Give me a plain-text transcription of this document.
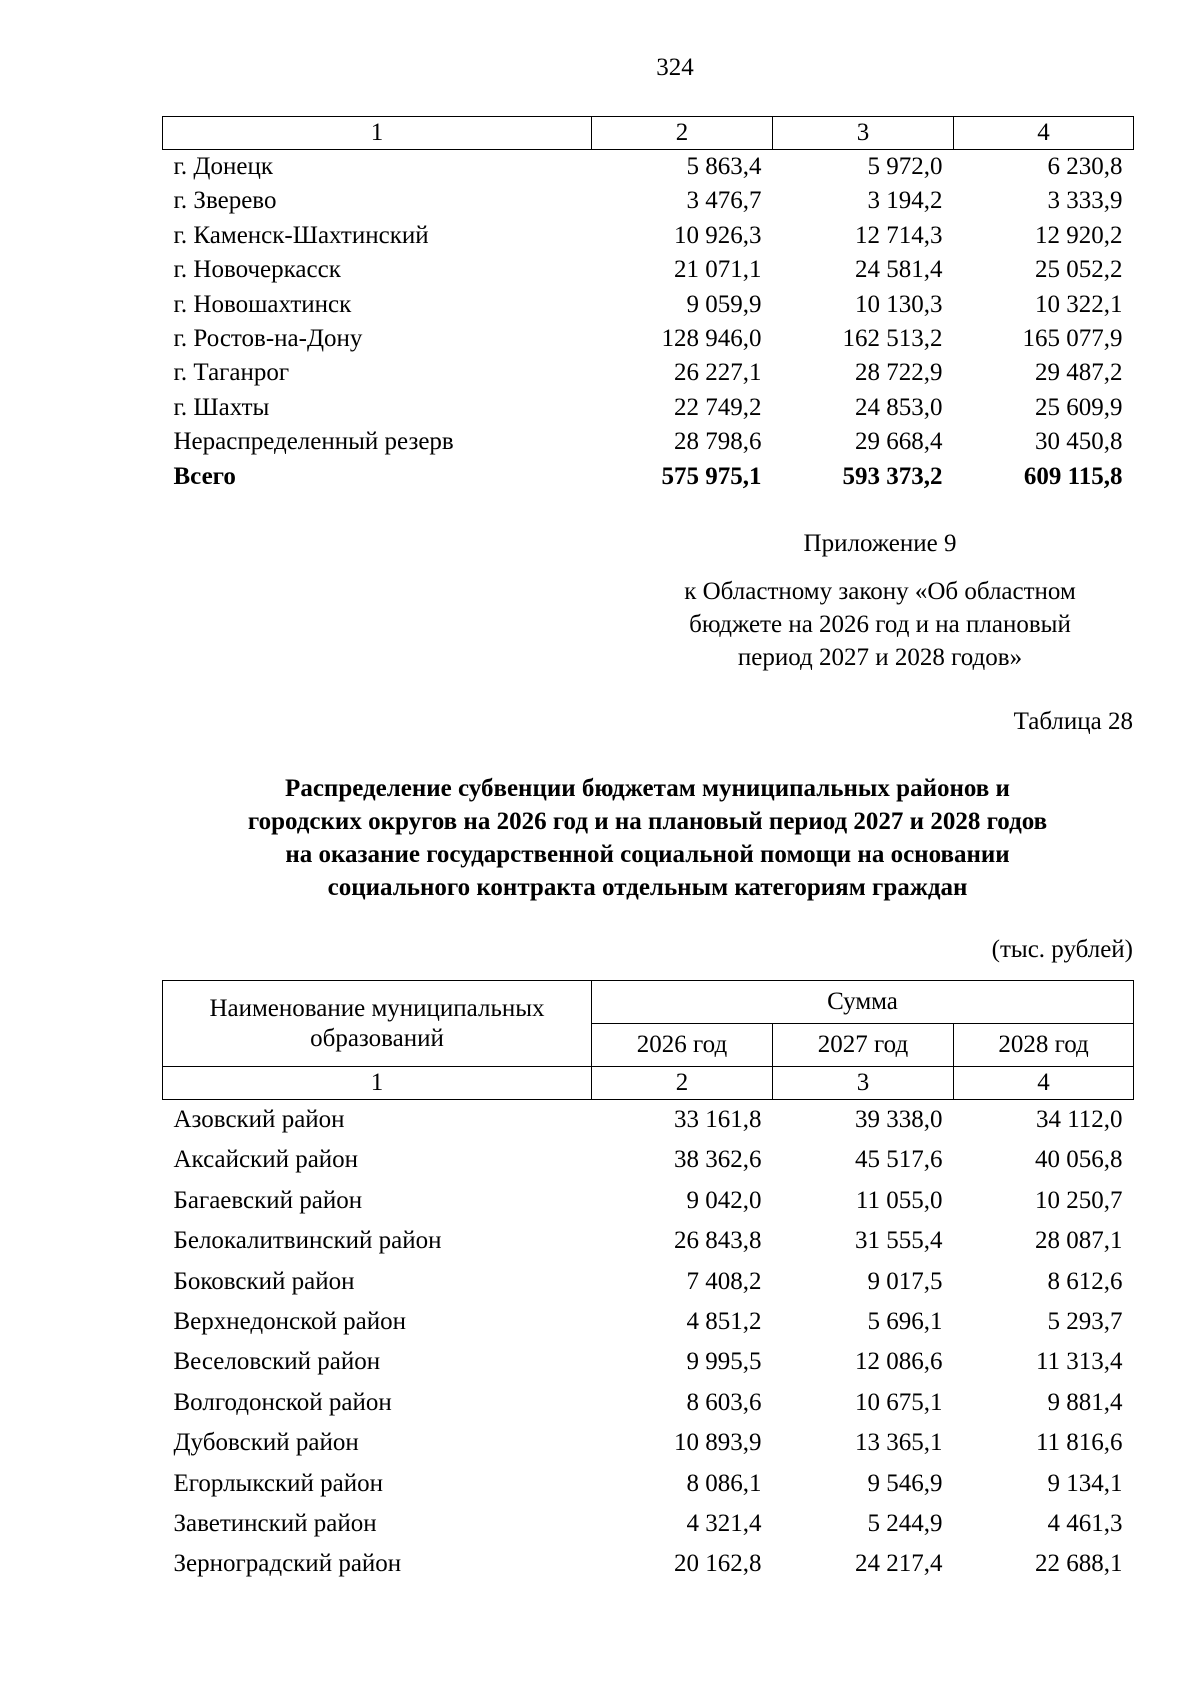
324
1	2	3	4
г. Донецк	5 863,4	5 972,0	6 230,8
г. Зверево	3 476,7	3 194,2	3 333,9
г. Каменск-Шахтинский	10 926,3	12 714,3	12 920,2
г. Новочеркасск	21 071,1	24 581,4	25 052,2
г. Новошахтинск	9 059,9	10 130,3	10 322,1
г. Ростов-на-Дону	128 946,0	162 513,2	165 077,9
г. Таганрог	26 227,1	28 722,9	29 487,2
г. Шахты	22 749,2	24 853,0	25 609,9
Нераспределенный резерв	28 798,6	29 668,4	30 450,8
Всего	575 975,1	593 373,2	609 115,8
Приложение 9
к Областному закону «Об областном
бюджете на 2026 год и на плановый
период 2027 и 2028 годов»
Таблица 28
Распределение субвенции бюджетам муниципальных районов и
городских округов на 2026 год и на плановый период 2027 и 2028 годов
на оказание государственной социальной помощи на основании
социального контракта отдельным категориям граждан
(тыс. рублей)
Наименование муниципальных
образований	Сумма		
	2026 год	2027 год	2028 год
1	2	3	4
Азовский район	33 161,8	39 338,0	34 112,0
Аксайский район	38 362,6	45 517,6	40 056,8
Багаевский район	9 042,0	11 055,0	10 250,7
Белокалитвинский район	26 843,8	31 555,4	28 087,1
Боковский район	7 408,2	9 017,5	8 612,6
Верхнедонской район	4 851,2	5 696,1	5 293,7
Веселовский район	9 995,5	12 086,6	11 313,4
Волгодонской район	8 603,6	10 675,1	9 881,4
Дубовский район	10 893,9	13 365,1	11 816,6
Егорлыкский район	8 086,1	9 546,9	9 134,1
Заветинский район	4 321,4	5 244,9	4 461,3
Зерноградский район	20 162,8	24 217,4	22 688,1
